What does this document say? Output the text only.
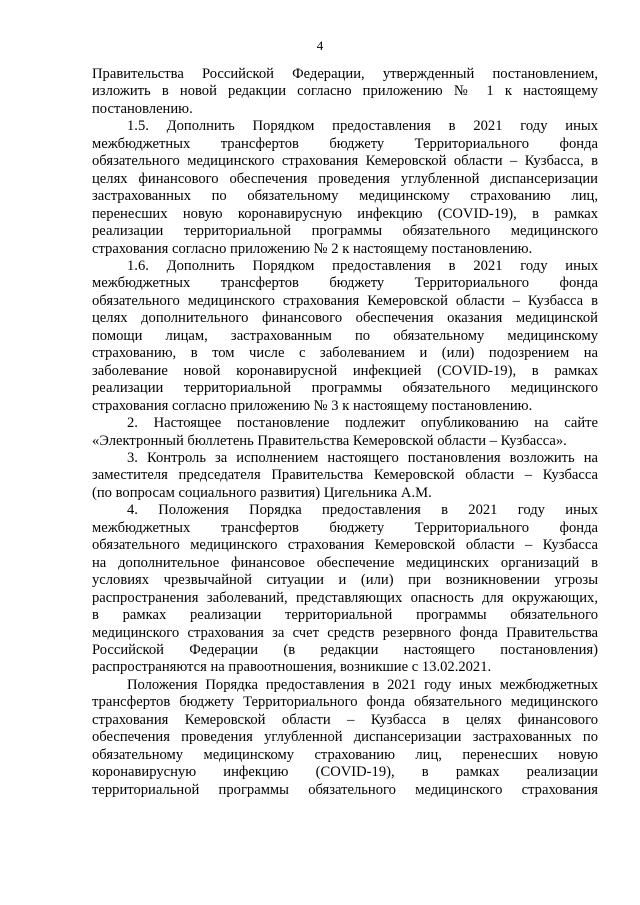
4
Правительства Российской Федерации, утвержденный постановлением,
изложить в новой редакции согласно приложению № 1 к настоящему
постановлению.
1.5. Дополнить Порядком предоставления в 2021 году иных
межбюджетных трансфертов бюджету Территориального фонда
обязательного медицинского страхования Кемеровской области – Кузбасса, в
целях финансового обеспечения проведения углубленной диспансеризации
застрахованных по обязательному медицинскому страхованию лиц,
перенесших новую коронавирусную инфекцию (COVID-19), в рамках
реализации территориальной программы обязательного медицинского
страхования согласно приложению № 2 к настоящему постановлению.
1.6. Дополнить Порядком предоставления в 2021 году иных
межбюджетных трансфертов бюджету Территориального фонда
обязательного медицинского страхования Кемеровской области – Кузбасса в
целях дополнительного финансового обеспечения оказания медицинской
помощи лицам, застрахованным по обязательному медицинскому
страхованию, в том числе с заболеванием и (или) подозрением на
заболевание новой коронавирусной инфекцией (COVID-19), в рамках
реализации территориальной программы обязательного медицинского
страхования согласно приложению № 3 к настоящему постановлению.
2. Настоящее постановление подлежит опубликованию на сайте
«Электронный бюллетень Правительства Кемеровской области – Кузбасса».
3. Контроль за исполнением настоящего постановления возложить на
заместителя председателя Правительства Кемеровской области – Кузбасса
(по вопросам социального развития) Цигельника А.М.
4. Положения Порядка предоставления в 2021 году иных
межбюджетных трансфертов бюджету Территориального фонда
обязательного медицинского страхования Кемеровской области – Кузбасса
на дополнительное финансовое обеспечение медицинских организаций в
условиях чрезвычайной ситуации и (или) при возникновении угрозы
распространения заболеваний, представляющих опасность для окружающих,
в рамках реализации территориальной программы обязательного
медицинского страхования за счет средств резервного фонда Правительства
Российской Федерации (в редакции настоящего постановления)
распространяются на правоотношения, возникшие с 13.02.2021.
Положения Порядка предоставления в 2021 году иных межбюджетных
трансфертов бюджету Территориального фонда обязательного медицинского
страхования Кемеровской области – Кузбасса в целях финансового
обеспечения проведения углубленной диспансеризации застрахованных по
обязательному медицинскому страхованию лиц, перенесших новую
коронавирусную инфекцию (COVID-19), в рамках реализации
территориальной программы обязательного медицинского страхования
